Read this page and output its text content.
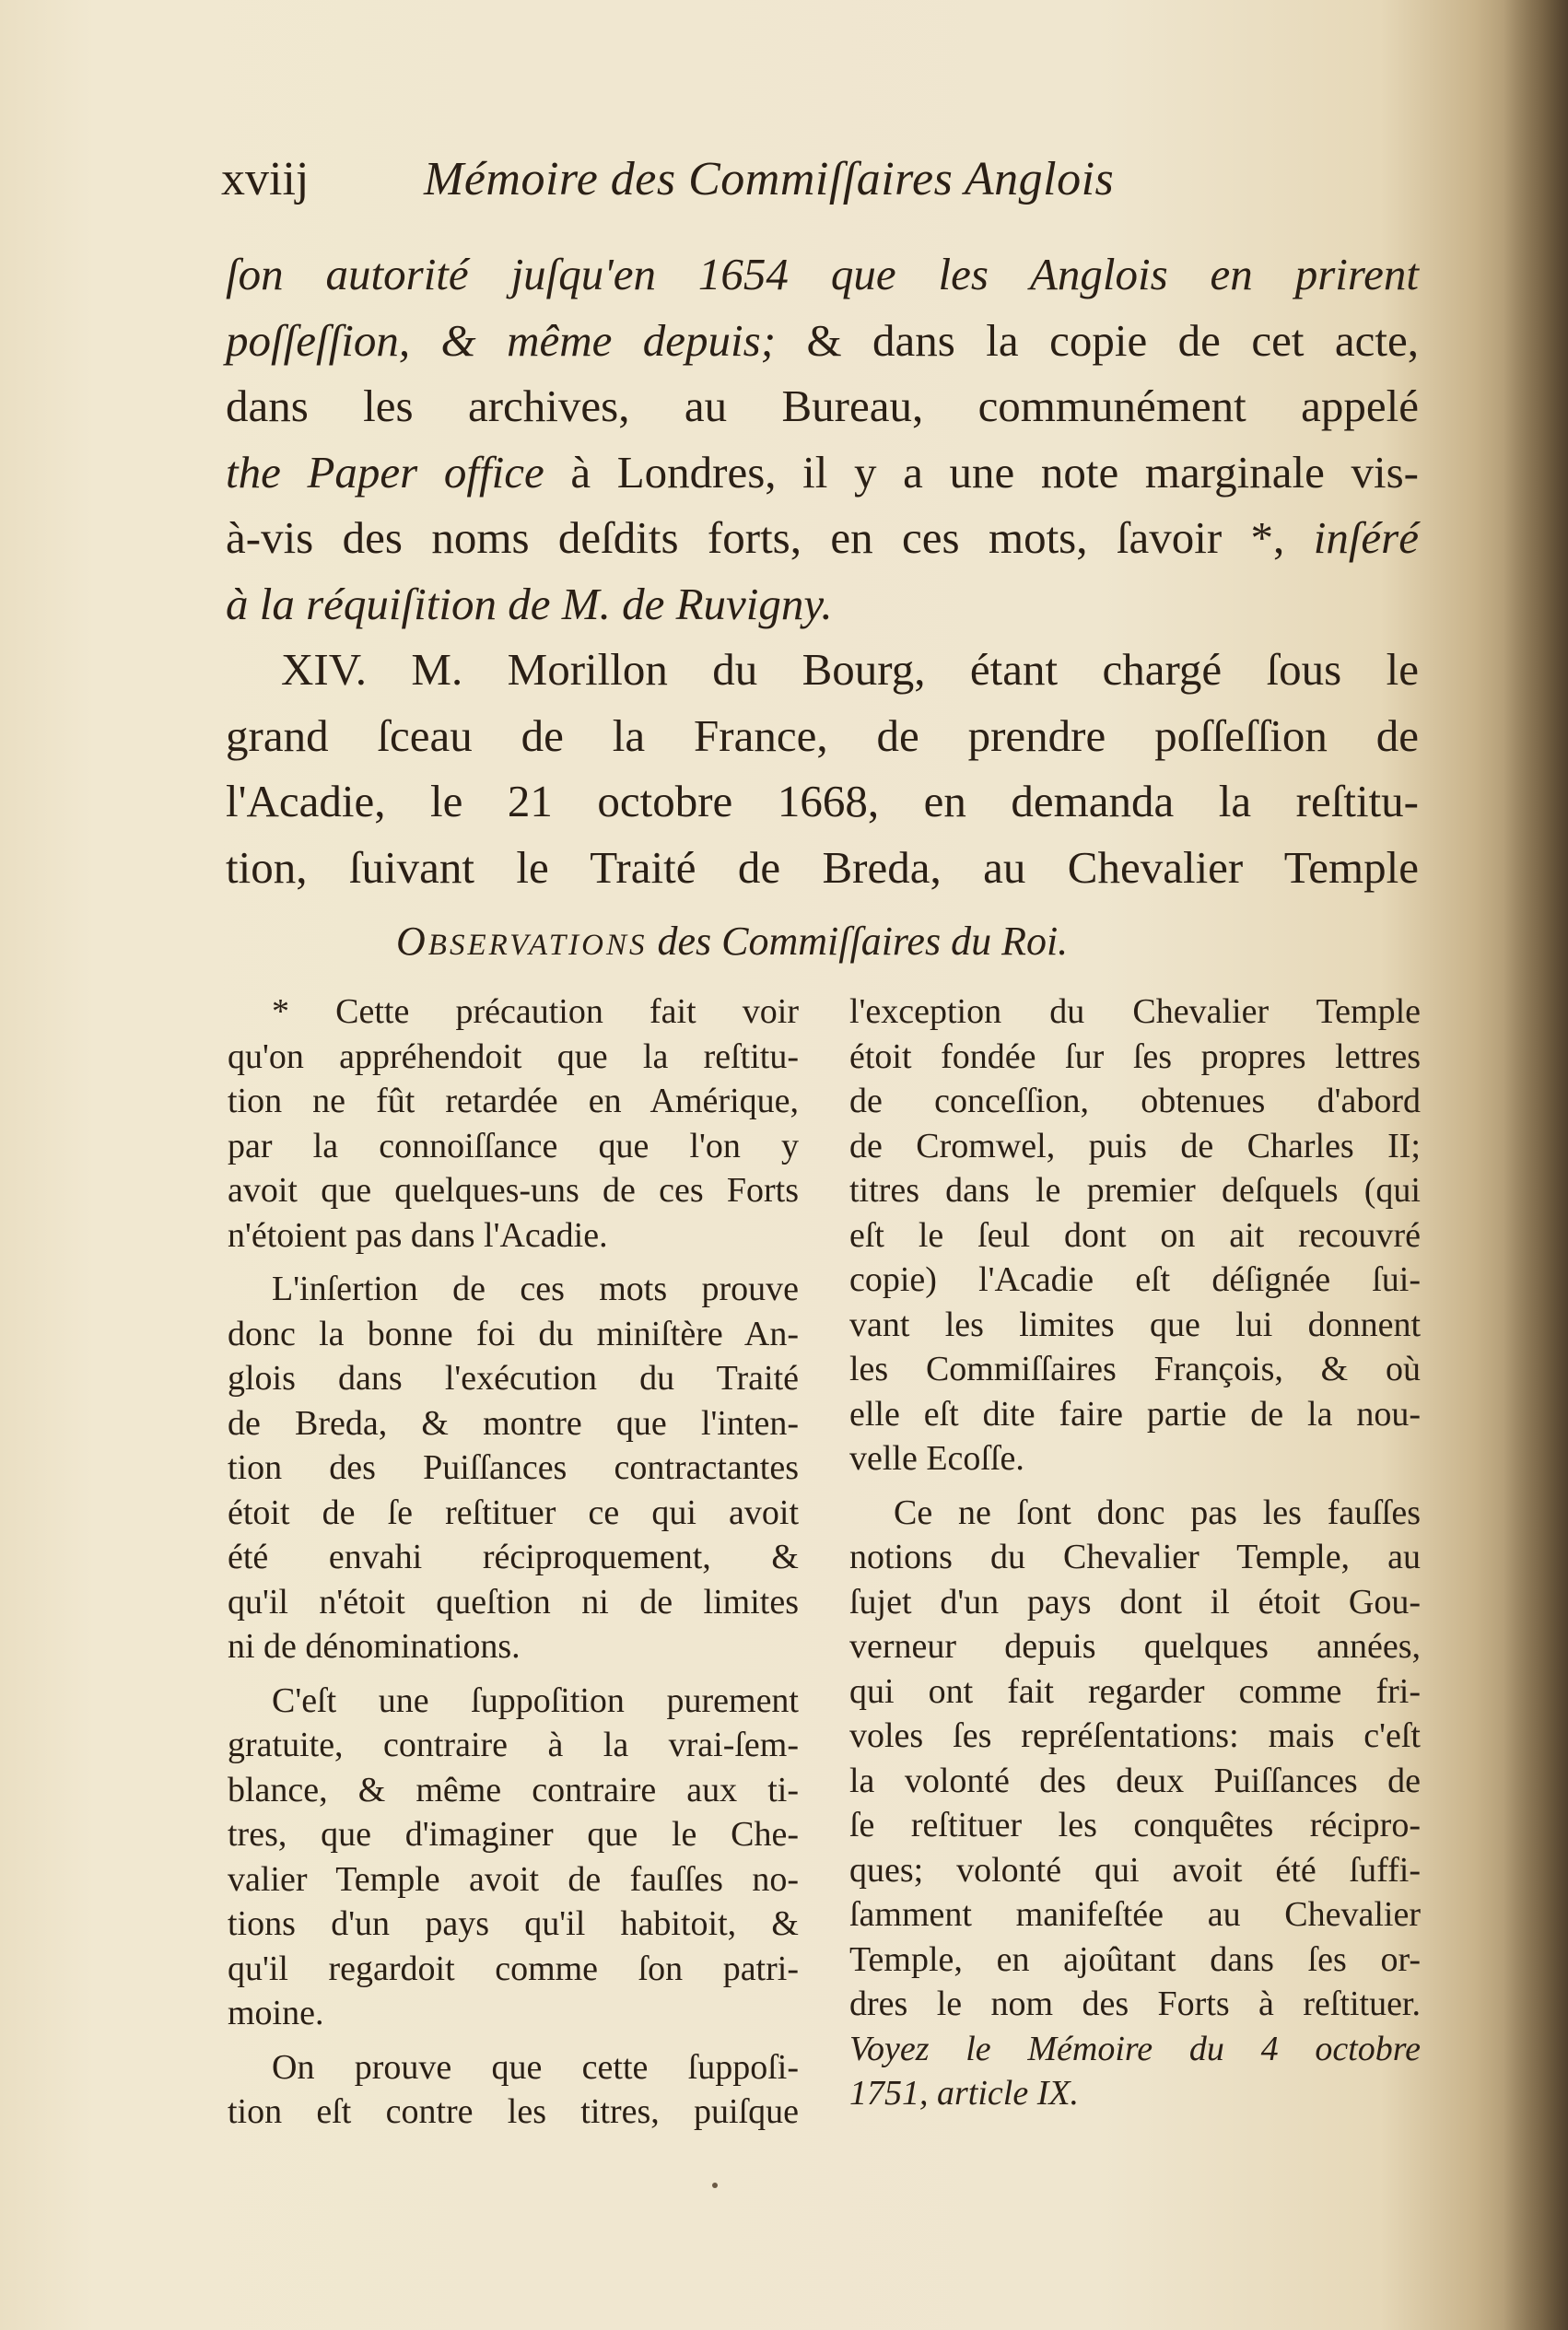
xviij Mémoire des Commiſſaires Anglois
ſon autorité juſqu'en 1654 que les Anglois en prirent
poſſeſſion, & même depuis; & dans la copie de cet acte,
dans les archives, au Bureau, communément appelé
the Paper office à Londres, il y a une note marginale vis-
à-vis des noms deſdits forts, en ces mots, ſavoir *, inſéré
à la réquiſition de M. de Ruvigny.
XIV. M. Morillon du Bourg, étant chargé ſous le
grand ſceau de la France, de prendre poſſeſſion de
l'Acadie, le 21 octobre 1668, en demanda la reſtitu-
tion, ſuivant le Traité de Breda, au Chevalier Temple
OBSERVATIONS des Commiſſaires du Roi.
* Cette précaution fait voir
qu'on appréhendoit que la reſtitu-
tion ne fût retardée en Amérique,
par la connoiſſance que l'on y
avoit que quelques-uns de ces Forts
n'étoient pas dans l'Acadie.
L'inſertion de ces mots prouve
donc la bonne foi du miniſtère An-
glois dans l'exécution du Traité
de Breda, & montre que l'inten-
tion des Puiſſances contractantes
étoit de ſe reſtituer ce qui avoit
été envahi réciproquement, &
qu'il n'étoit queſtion ni de limites
ni de dénominations.
C'eſt une ſuppoſition purement
gratuite, contraire à la vrai-ſem-
blance, & même contraire aux ti-
tres, que d'imaginer que le Che-
valier Temple avoit de fauſſes no-
tions d'un pays qu'il habitoit, &
qu'il regardoit comme ſon patri-
moine.
On prouve que cette ſuppoſi-
tion eſt contre les titres, puiſque
l'exception du Chevalier Temple
étoit fondée ſur ſes propres lettres
de conceſſion, obtenues d'abord
de Cromwel, puis de Charles II;
titres dans le premier deſquels (qui
eſt le ſeul dont on ait recouvré
copie) l'Acadie eſt déſignée ſui-
vant les limites que lui donnent
les Commiſſaires François, & où
elle eſt dite faire partie de la nou-
velle Ecoſſe.
Ce ne ſont donc pas les fauſſes
notions du Chevalier Temple, au
ſujet d'un pays dont il étoit Gou-
verneur depuis quelques années,
qui ont fait regarder comme fri-
voles ſes repréſentations: mais c'eſt
la volonté des deux Puiſſances de
ſe reſtituer les conquêtes récipro-
ques; volonté qui avoit été ſuffi-
ſamment manifeſtée au Chevalier
Temple, en ajoûtant dans ſes or-
dres le nom des Forts à reſtituer.
Voyez le Mémoire du 4 octobre
1751, article IX.
